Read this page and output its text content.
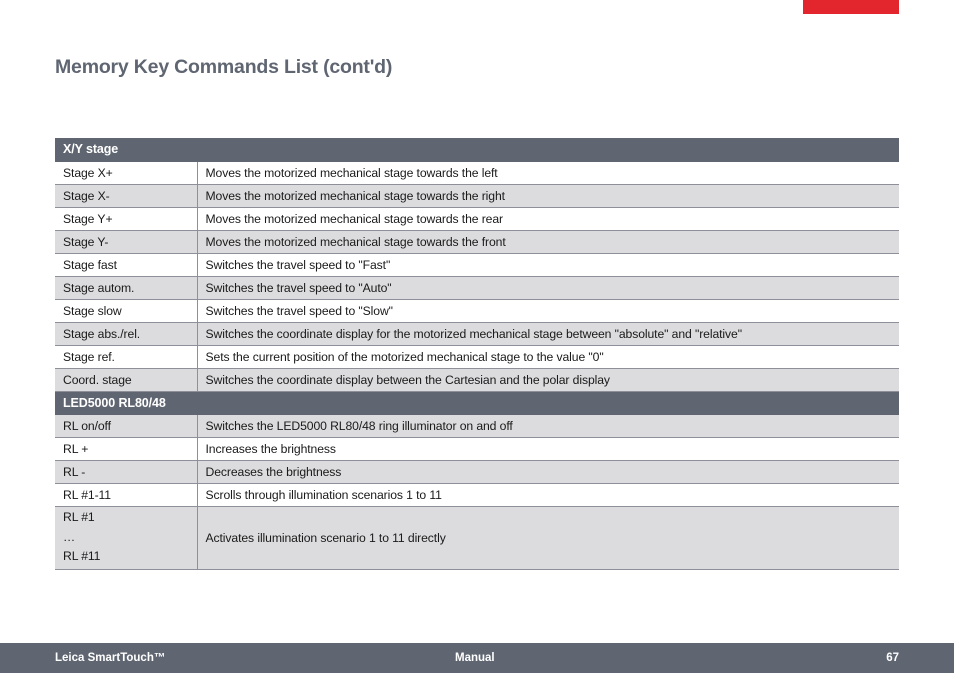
Memory Key Commands List (cont'd)
X/Y stage	
Stage X+	Moves the motorized mechanical stage towards the left
Stage X-	Moves the motorized mechanical stage towards the right
Stage Y+	Moves the motorized mechanical stage towards the rear
Stage Y-	Moves the motorized mechanical stage towards the front
Stage fast	Switches the travel speed to "Fast"
Stage autom.	Switches the travel speed to "Auto"
Stage slow	Switches the travel speed to "Slow"
Stage abs./rel.	Switches the coordinate display for the motorized mechanical stage between "absolute" and "relative"
Stage ref.	Sets the current position of the motorized mechanical stage to the value "0"
Coord. stage	Switches the coordinate display between the Cartesian and the polar display
LED5000 RL80/48	
RL on/off	Switches the LED5000 RL80/48 ring illuminator on and off
RL +	Increases the brightness
RL -	Decreases the brightness
RL #1-11	Scrolls through illumination scenarios 1 to 11

RL #1
…
RL #11	Activates illumination scenario 1 to 11 directly
Leica SmartTouch™	Manual	67
